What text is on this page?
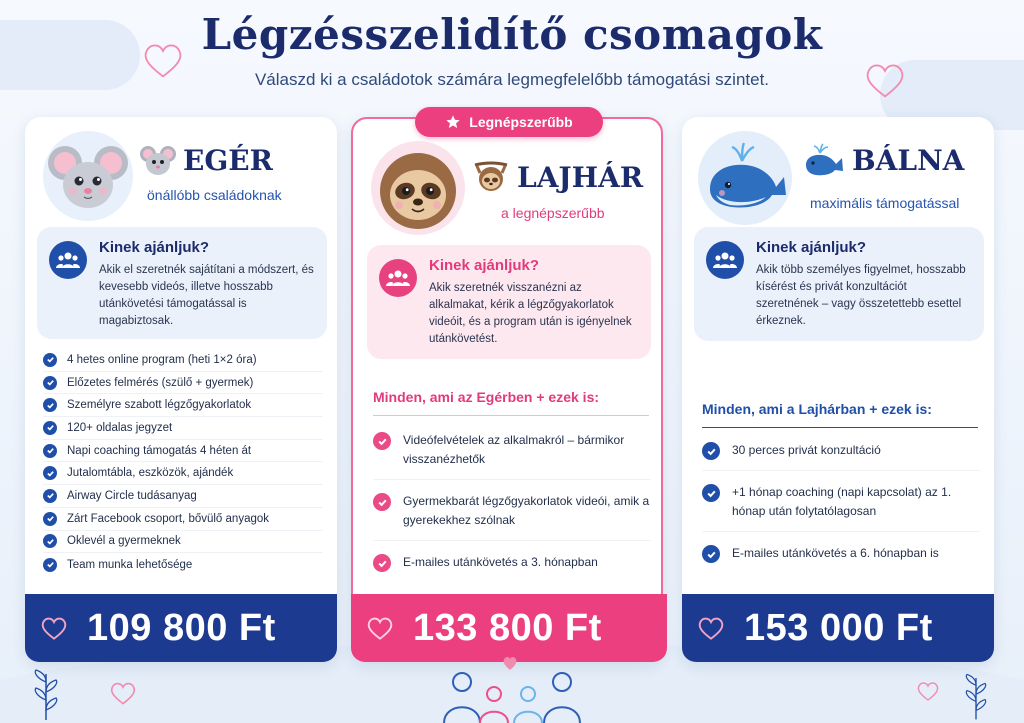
Légzésszelidítő csomagok

Válaszd ki a családotok számára legmegfelelőbb támogatási szintet.

EGÉR
önállóbb családoknak
Kinek ajánljuk?
Akik el szeretnék sajátítani a módszert, és kevesebb videós, illetve hosszabb utánkövetési támogatással is magabiztosak.
4 hetes online program (heti 1×2 óra)
Előzetes felmérés (szülő + gyermek)
Személyre szabott légzőgyakorlatok
120+ oldalas jegyzet
Napi coaching támogatás 4 héten át
Jutalomtábla, eszközök, ajándék
Airway Circle tudásanyag
Zárt Facebook csoport, bővülő anyagok
Oklevél a gyermeknek
Team munka lehetősége
109 800 Ft
Legnépszerűbb
LAJHÁR
a legnépszerűbb
Kinek ajánljuk?
Akik szeretnék visszanézni az alkalmakat, kérik a légzőgyakorlatok videóit, és a program után is igényelnek utánkövetést.
Minden, ami az Egérben + ezek is:
Videófelvételek az alkalmakról – bármikor visszanézhetők
Gyermekbarát légzőgyakorlatok videói, amik a gyerekekhez szólnak
E-mailes utánkövetés a 3. hónapban
133 800 Ft
BÁLNA
maximális támogatással
Kinek ajánljuk?
Akik több személyes figyelmet, hosszabb kísérést és privát konzultációt szeretnének – vagy összetettebb esettel érkeznek.
Minden, ami a Lajhárban + ezek is:
30 perces privát konzultáció
+1 hónap coaching (napi kapcsolat) az 1. hónap után folytatólagosan
E-mailes utánkövetés a 6. hónapban is
153 000 Ft
